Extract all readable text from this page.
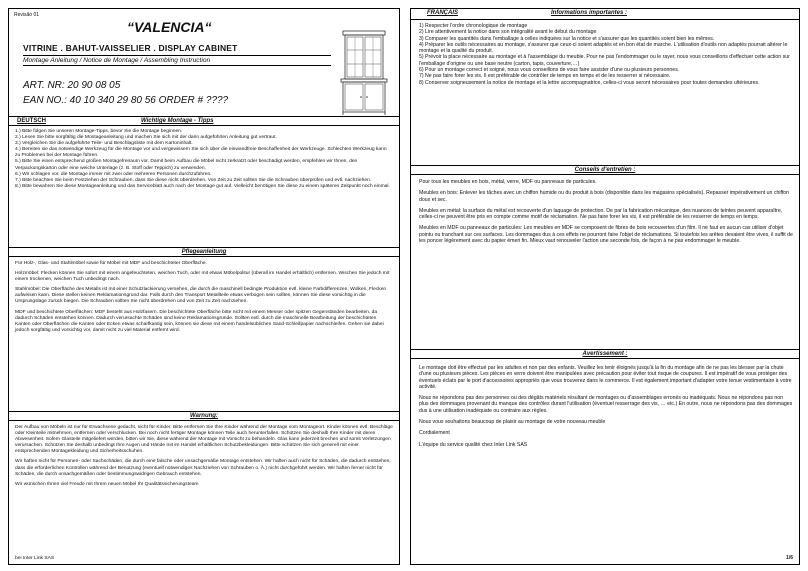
Revisão 01
“VALENCIA“
VITRINE . BAHUT-VAISSELIER . DISPLAY CABINET
Montage Anleitung / Notice de Montage / Assembling Instruction
ART. NR: 20 90 08 05
EAN NO.: 40 10 340 29 80 56 ORDER # ????
DEUTSCH	Wichtige Montage - Tipps

1.) Bitte folgen Sie unseren Montage-Tipps, bevor Sie die Montage beginnen.

2.) Lesen Sie bitte sorgfältig die Montageanleitung und machen Sie sich mit der darin aufgeführten Anleitung gut vertraut.

3.) Vergleichen Sie die aufgeführte Teile- und Beschlagsliste mit dem Kartoninhalt.

4.) Bereiten sie das notwendige Werkzeug für die Montage vor und vergewissern Sie sich über die einwandfreie Beschaffenheit der Werkzeuge. Schlechtes Werkzeug kann zu Problemen bei der Montage führen.

5.) Bitte Sie einen entsprechend großen Montagefreiraum vor. Damit beim Aufbau die Möbel nicht zerkratzt oder beschädigt werden, empfehlen wir Ihnen, den Verpackungskarton oder eine weiche Unterlage (z. B. Stoff oder Teppich) zu verwenden.

6.) Wir schlagen vor, die Montage immer mit zwei oder mehreren Personen durchzuführen.

7.) Bitte beachten Sie beim Festziehen der Schrauben, dass Sie diese nicht überdrehen. Von Zeit zu Zeit sollten Sie die Schrauben überprüfen und evtl. nachziehen.

8.) Bitte bewahren Sie diese Montageanleitung und das Serviceblatt auch nach der Montage gut auf. Vielleicht benötigen Sie diese zu einem späteren Zeitpunkt noch einmal.

Pflegeanleitung

Für Holz-, Glas- und Stahlmöbel sowie für Möbel mit MDF und beschichteter Oberfläche.

Holzmöbel: Flecken können Sie sofort mit einem angefeuchteten, weichen Tuch, oder mit etwas Möbelpolitur (überall im Handel erhältlich) entfernen. Wischen Sie jedoch mit einem trockenen, weichen Tuch unbedingt nach.

Stahlmöbel: Die Oberfläche des Metalls ist mit einer Schutzlackierung versehen, die durch die maschinell bedingte Produktion evtl. kleine Farbdifferenzen, Wolken, Flecken aufweisen kann. Diese stellen keinen Reklamationsgrund dar. Falls durch den Transport Metallteile etwas verbogen sein sollten, können Sie diese vorsichtig in die Ursprungslage zurück biegen. Die Schrauben sollten Sie nicht überdrehen und von Zeit zu Zeit nachziehen.

MDF und beschichtete Oberflächen: MDF besteht aus Holzfasern. Die beschichtete Oberfläche bitte nicht mit einem Messer oder spitzen Gegenständen bearbeiten, da dadurch Schäden entstehen können. Dadurch verursachte Schäden sind keine Reklamationsgründe. Sollten evtl. durch die maschinelle Bearbeitung der beschichteten Kanten oder Oberflächen die Kanten oder Ecken etwas scharfkantig sein, können sie diese mit einem handelsüblichen Sand-Schleifpapier nachschleifen. Gehen sie dabei jedoch sorgfältig und vorsichtig vor, damit nicht zu viel Material entfernt wird.

Warnung:

Der Aufbau von Möbeln ist nur für Erwachsene gedacht, nicht für Kinder. Bitte entfernen Sie Ihre Kinder während der Montage vom Montageort. Kinder können evtl. Beschläge oder Kleinteile mitnehmen, entfernen oder verschlucken. Bei noch nicht fertiger Montage können Teile auch herunterfallen. Schützen Sie deshalb Ihre Kinder mit deren Abwesenheit. Sofern Glasteile mitgeliefert werden, bitten wir Sie, diese während der Montage mit Vorsicht zu behandeln. Glas kann jederzeit brechen und somit Verletzungen verursachen. Schützen Sie deshalb unbedingt Ihre Augen und Hände mit im Handel erhältlichen Schutzbekleidungen. Bitte schützen Sie sich generell mit einer entsprechenden Montagekleidung und Sicherheitsschuhen.

Wir haften nicht für Personen- oder Sachschäden, die durch eine falsche oder unsachgemäße Montage entstehen. Wir haften auch nicht für Schäden, die dadurch entstehen, dass die erforderlichen Kontrollen während der Benutzung (eventuell notwendiges Nachziehen von Schrauben o. Ä.) nicht durchgeführt werden. Wir haften ferner nicht für Schäden, die durch unsachgemäßen oder bestimmungswidrigen Gebrauch entstehen.

Wir wünschen Ihnen viel Freude mit Ihrem neuen Möbel Ihr Qualitätssicherungsteam

bei Inter Link SAS
FRANÇAIS	Informations importantes :

1) Respecter l'ordre chronologique de montage

2) Lire attentivement la notice dans son intégralité avant le début du montage

3) Comparer les quantités dans l'emballage à celles indiquées sur la notice et s'assurer que les quantités soient bien les mêmes.

4) Préparer les outils nécessaires au montage, s'assurer que ceux-ci soient adaptés et en bon état de marche. L'utilisation d'outils non adaptés pourrait altérer le montage et la qualité du produit.

5) Prévoir la place nécessaire au montage et à l'assemblage du meuble. Pour ne pas l'endommager ou le rayer, nous vous conseillons d'effectuer cette action sur l'emballage d'origine ou une base neutre (carton, tapis, couverture,…)

6) Pour un montage correct et soigné, nous vous conseillons de vous faire assister d'une ou plusieurs personnes.

7) Ne pas faire forer les vis. Il est préférable de contrôler de temps en temps et de les resserrer si nécessaire.

8) Conserver soigneusement la notice de montage et la lettre accompagnatrice, celles-ci vous seront nécessaires pour toutes demandes ultérieures.

Conseils d'entretien :

Pour tous les meubles en bois, métal, verre, MDF ou panneaux de particules.

Meubles en bois: Enlever les tâches avec un chiffon humide ou du produit à bois (disponible dans les magasins spécialisés). Repasser impérativement un chiffon doux et sec.

Meubles en métal: la surface du métal est recouverte d'un laquage de protection. De par la fabrication mécanique, des nuances de teintes peuvent apparaître, celles-ci ne peuvent être pris en compte comme motif de réclamation. Ne pas faire forer les vis, il est préférable de les resserrer de temps en temps.

Meubles en MDF ou panneaux de particules: Les meubles en MDF se composent de fibres de bois recouvertes d'un film. Il ne faut en aucun cas utiliser d'objet pointu ou tranchant sur ces surfaces. Les dommages dus à ces effets ne pourront faire l'objet de réclamations. Si toutefois les arêtes devaient être vives, il suffit de les poncer légèrement avec du papier émeri fin. Mieux vaut renouveler l'action une seconde fois, de façon à ne pas endommager le meuble.

Avertissement :

Le montage doit être effectué par les adultes et non par des enfants. Veuillez les tenir éloignés jusqu'à la fin du montage afin de ne pas les blesser par la chute d'une ou plusieurs pièces. Les pièces en verre doivent être manipulées avec précaution pour éviter tout risque de coupures. Il est impératif de vous protéger des éventuels éclats par le port d'accessoires appropriés que vous trouverez dans le commerce. Il est également important d'adapter votre tenue vestimentaire à votre activité.

Nous ne répondons pas des personnes ou des dégâts matériels résultant de montages ou d'assemblages erronés ou inadéquats. Nous ne répondons pas non plus des dommages provenant du manque des contrôles durant l'utilisation (éventuel resserrage des vis, … etc.) En outre, nous ne répondons pas des dommages dus à une utilisation inadéquate ou contraire aux règles.

Nous vous souhaitons beaucoup de plaisir au montage de votre nouveau meuble

Cordialement

L'équipe du service qualité chez Inter Link SAS

1/6
